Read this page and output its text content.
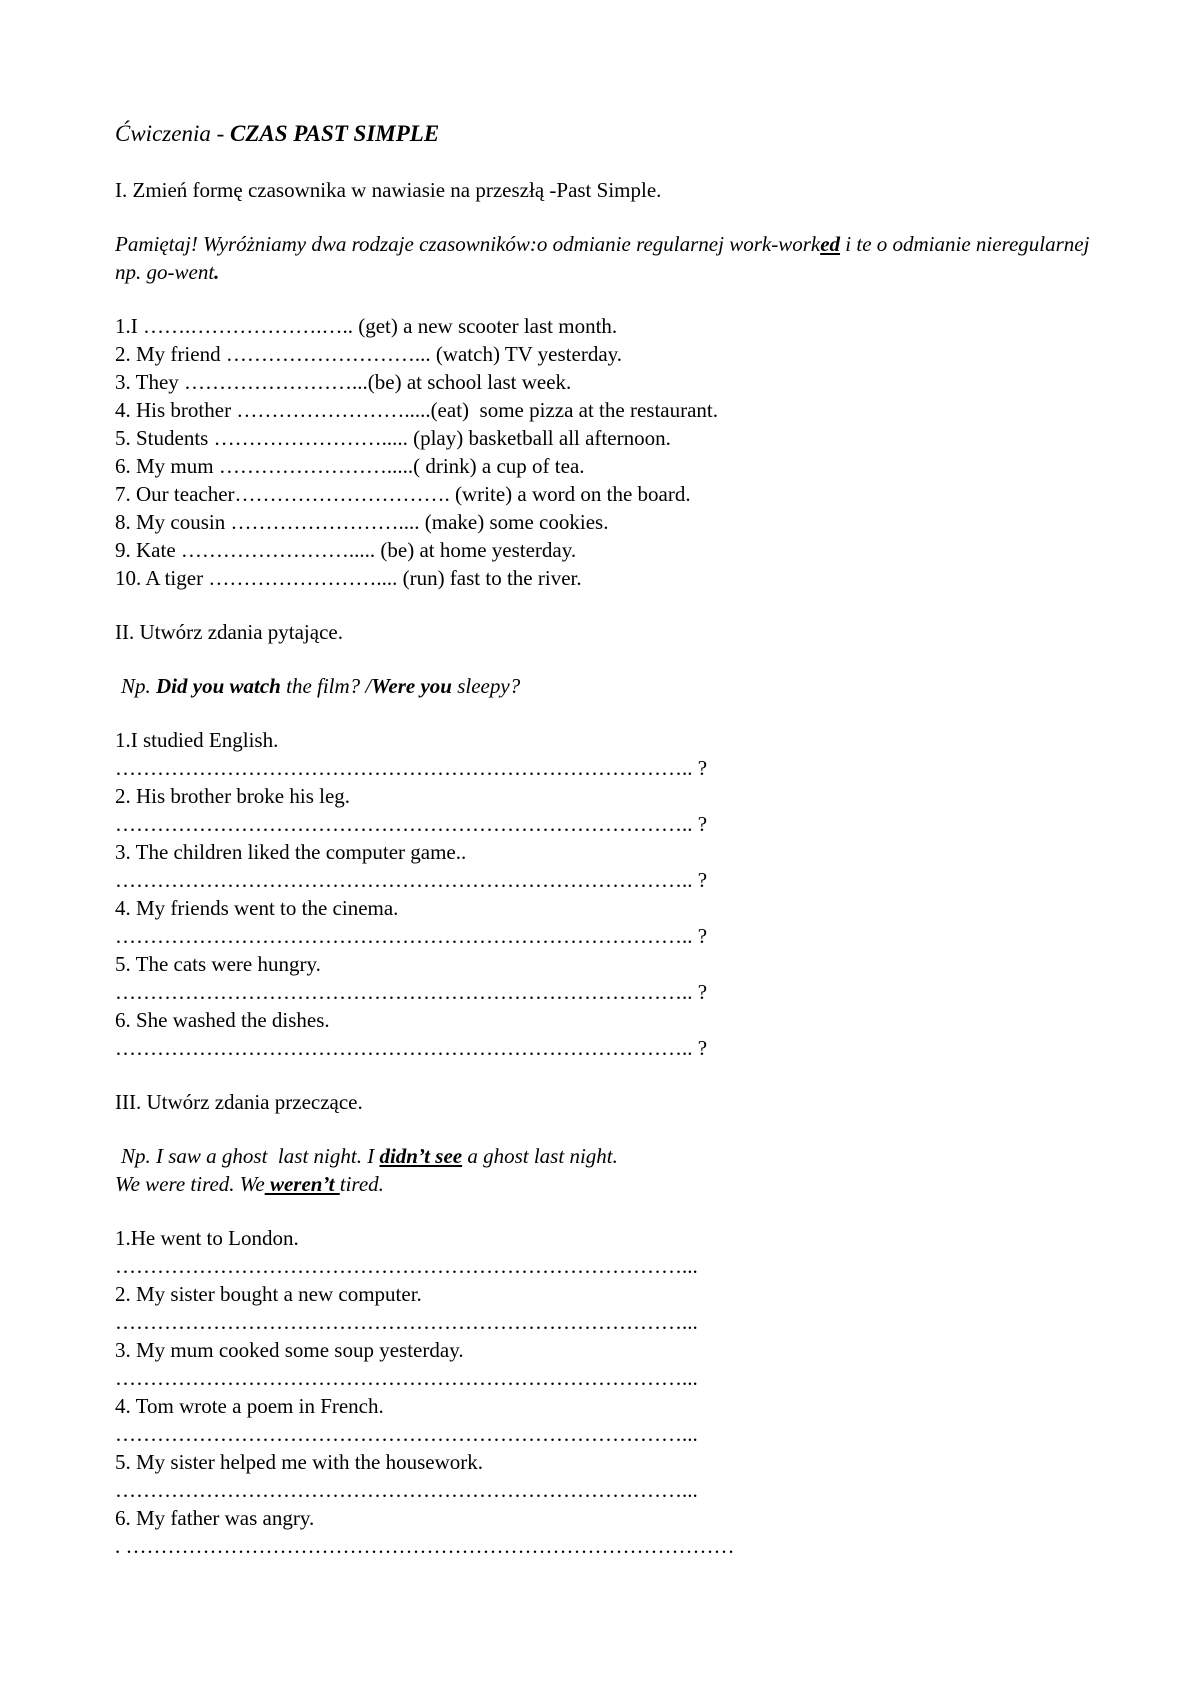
Ćwiczenia - CZAS PAST SIMPLE

I. Zmień formę czasownika w nawiasie na przeszłą -Past Simple.

Pamiętaj! Wyróżniamy dwa rodzaje czasowników:o odmianie regularnej work-worked i te o odmianie nieregularnej np. go-went.

1.I …….……………….….. (get) a new scooter last month.
2. My friend ………………………... (watch) TV yesterday.
3. They ……………………...(be) at school last week.
4. His brother …………………….....(eat)  some pizza at the restaurant.
5. Students ……………………..... (play) basketball all afternoon.
6. My mum …………………….....( drink) a cup of tea.
7. Our teacher…………………………. (write) a word on the board.
8. My cousin …………………….... (make) some cookies.
9. Kate ……………………..... (be) at home yesterday.
10. A tiger …………………….... (run) fast to the river.

II. Utwórz zdania pytające.

Np. Did you watch the film? /Were you sleepy?

1.I studied English.
……………………………………………………………………….. ?
2. His brother broke his leg.
……………………………………………………………………….. ?
3. The children liked the computer game..
……………………………………………………………………….. ?
4. My friends went to the cinema.
……………………………………………………………………….. ?
5. The cats were hungry.
……………………………………………………………………….. ?
6. She washed the dishes.
……………………………………………………………………….. ?

III. Utwórz zdania przeczące.

Np. I saw a ghost  last night. I didn’t see a ghost last night.
We were tired. We weren’t tired.
1.He went to London.
………………………………………………………………………...
2. My sister bought a new computer.
………………………………………………………………………...
3. My mum cooked some soup yesterday.
………………………………………………………………………...
4. Tom wrote a poem in French.
………………………………………………………………………...
5. My sister helped me with the housework.
………………………………………………………………………...
6. My father was angry.
. ……………………………………………………………………………
